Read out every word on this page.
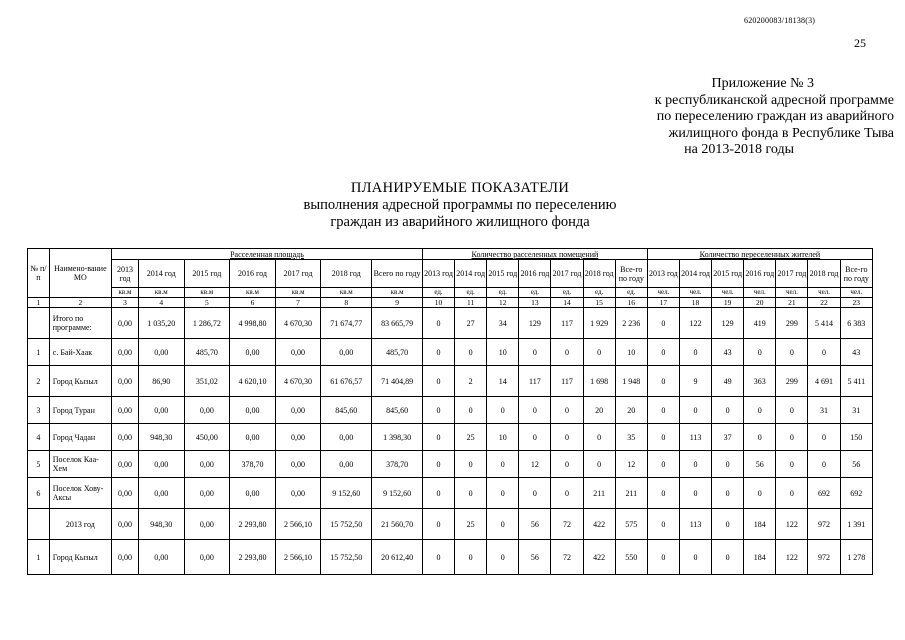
620200083/18138(3)
25
Приложение № 3
к республиканской адресной программе
по переселению граждан из аварийного
жилищного фонда в Республике Тыва
на 2013-2018 годы
ПЛАНИРУЕМЫЕ ПОКАЗАТЕЛИ
выполнения адресной программы по переселению
граждан из аварийного жилищного фонда
№ п/п	Наимено-вание МО	Расселенная площадь							Количество расселенных помещений							Количество переселенных жителей						
		2013 год	2014 год	2015 год	2016 год	2017 год	2018 год	Всего по году	2013 год	2014 год	2015 год	2016 год	2017 год	2018 год	Все-го по году	2013 год	2014 год	2015 год	2016 год	2017 год	2018 год	Все-го по году
		кв.м	кв.м	кв.м	кв.м	кв.м	кв.м	кв.м	ед.	ед.	ед.	ед.	ед.	ед.	ед.	чел.	чел.	чел.	чел.	чел.	чел.	чел.
1	2	3	4	5	6	7	8	9	10	11	12	13	14	15	16	17	18	19	20	21	22	23
	Итого по программе:	0,00	1 035,20	1 286,72	4 998,80	4 670,30	71 674,77	83 665,79	0	27	34	129	117	1 929	2 236	0	122	129	419	299	5 414	6 383
1	с. Бай-Хаак	0,00	0,00	485,70	0,00	0,00	0,00	485,70	0	0	10	0	0	0	10	0	0	43	0	0	0	43
2	Город Кызыл	0,00	86,90	351,02	4 620,10	4 670,30	61 676,57	71 404,89	0	2	14	117	117	1 698	1 948	0	9	49	363	299	4 691	5 411
3	Город Туран	0,00	0,00	0,00	0,00	0,00	845,60	845,60	0	0	0	0	0	20	20	0	0	0	0	0	31	31
4	Город Чадан	0,00	948,30	450,00	0,00	0,00	0,00	1 398,30	0	25	10	0	0	0	35	0	113	37	0	0	0	150
5	Поселок Каа-Хем	0,00	0,00	0,00	378,70	0,00	0,00	378,70	0	0	0	12	0	0	12	0	0	0	56	0	0	56
6	Поселок Хову-Аксы	0,00	0,00	0,00	0,00	0,00	9 152,60	9 152,60	0	0	0	0	0	211	211	0	0	0	0	0	692	692
	2013 год	0,00	948,30	0,00	2 293,80	2 566,10	15 752,50	21 560,70	0	25	0	56	72	422	575	0	113	0	184	122	972	1 391
1	Город Кызыл	0,00	0,00	0,00	2 293,80	2 566,10	15 752,50	20 612,40	0	0	0	56	72	422	550	0	0	0	184	122	972	1 278
